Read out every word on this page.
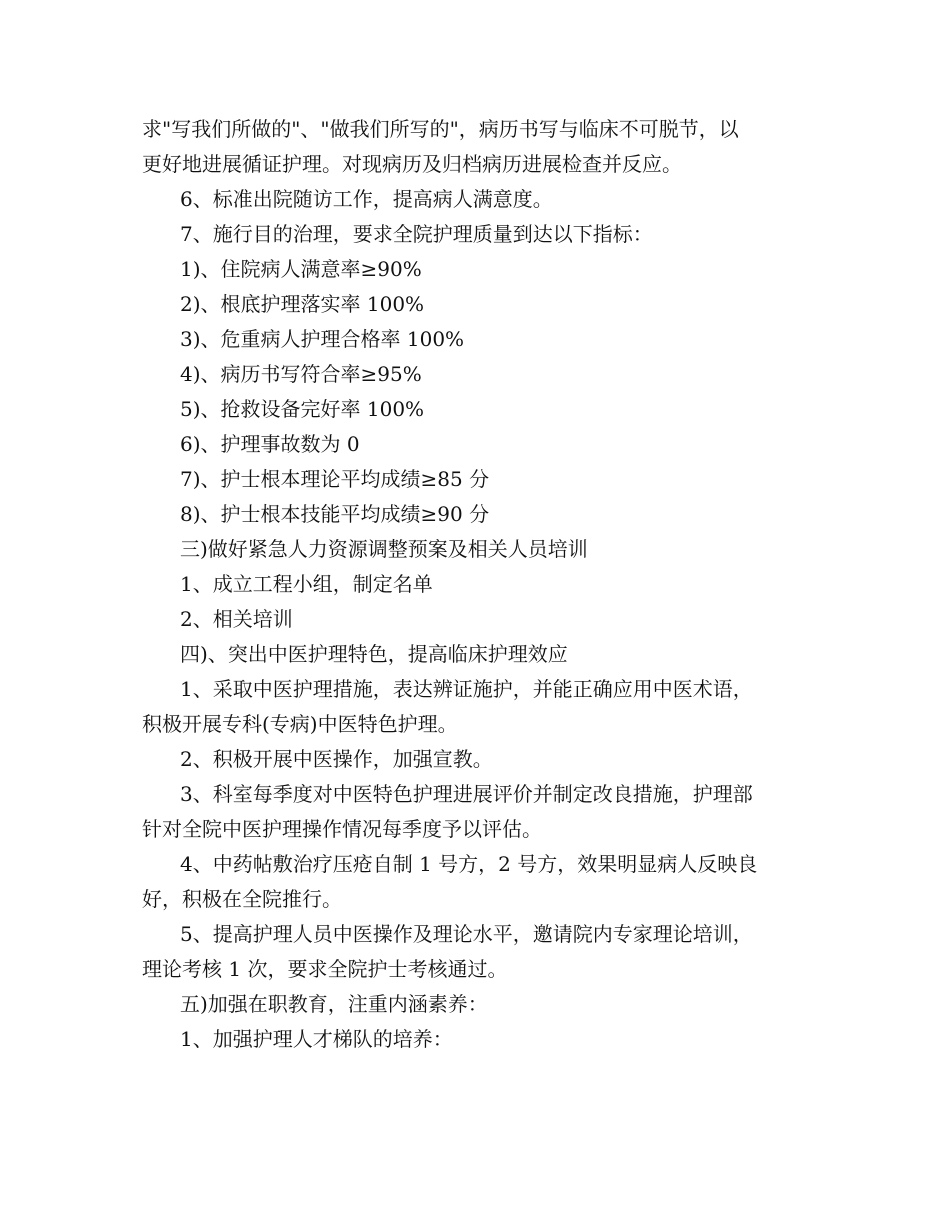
求"写我们所做的"、"做我们所写的"，病历书写与临床不可脱节，以
更好地进展循证护理。对现病历及归档病历进展检查并反应。
6、标准出院随访工作，提高病人满意度。
7、施行目的治理，要求全院护理质量到达以下指标：
1)、住院病人满意率≥90%
2)、根底护理落实率 100%
3)、危重病人护理合格率 100%
4)、病历书写符合率≥95%
5)、抢救设备完好率 100%
6)、护理事故数为 0
7)、护士根本理论平均成绩≥85 分
8)、护士根本技能平均成绩≥90 分
三)做好紧急人力资源调整预案及相关人员培训
1、成立工程小组，制定名单
2、相关培训
四)、突出中医护理特色，提高临床护理效应
1、采取中医护理措施，表达辨证施护，并能正确应用中医术语，
积极开展专科(专病)中医特色护理。
2、积极开展中医操作，加强宣教。
3、科室每季度对中医特色护理进展评价并制定改良措施，护理部
针对全院中医护理操作情况每季度予以评估。
4、中药帖敷治疗压疮自制 1 号方，2 号方，效果明显病人反映良
好，积极在全院推行。
5、提高护理人员中医操作及理论水平，邀请院内专家理论培训，
理论考核 1 次，要求全院护士考核通过。
五)加强在职教育，注重内涵素养：
1、加强护理人才梯队的培养：
